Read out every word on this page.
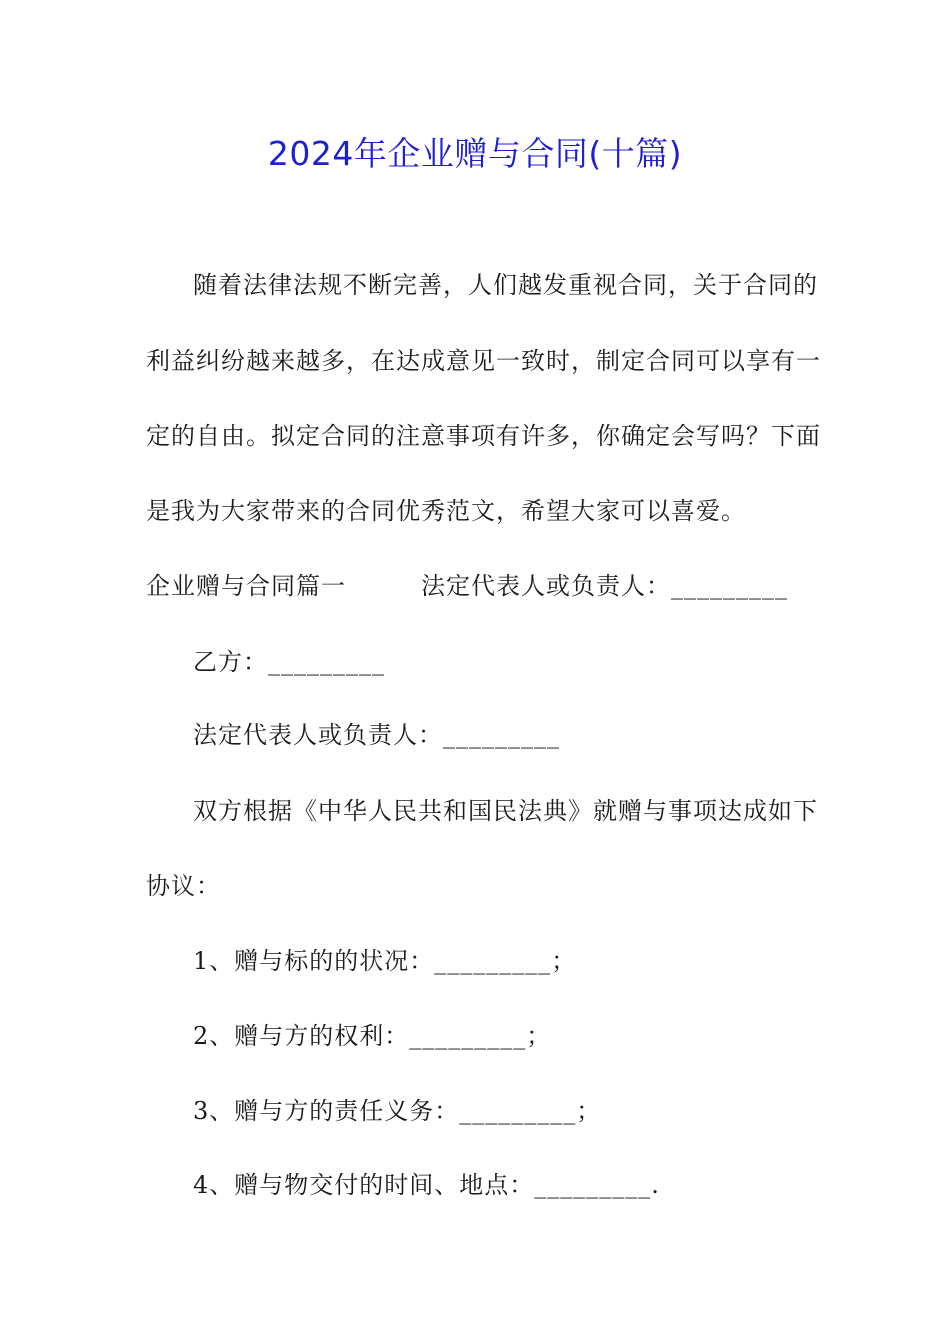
2024年企业赠与合同(十篇)

随着法律法规不断完善，人们越发重视合同，关于合同的

利益纠纷越来越多，在达成意见一致时，制定合同可以享有一

定的自由。拟定合同的注意事项有许多，你确定会写吗？下面

是我为大家带来的合同优秀范文，希望大家可以喜爱。

企业赠与合同篇一　　　法定代表人或负责人：_________

乙方：_________

法定代表人或负责人：_________

双方根据《中华人民共和国民法典》就赠与事项达成如下

协议：

1、赠与标的的状况：_________；

2、赠与方的权利：_________；

3、赠与方的责任义务：_________；

4、赠与物交付的时间、地点：_________.
